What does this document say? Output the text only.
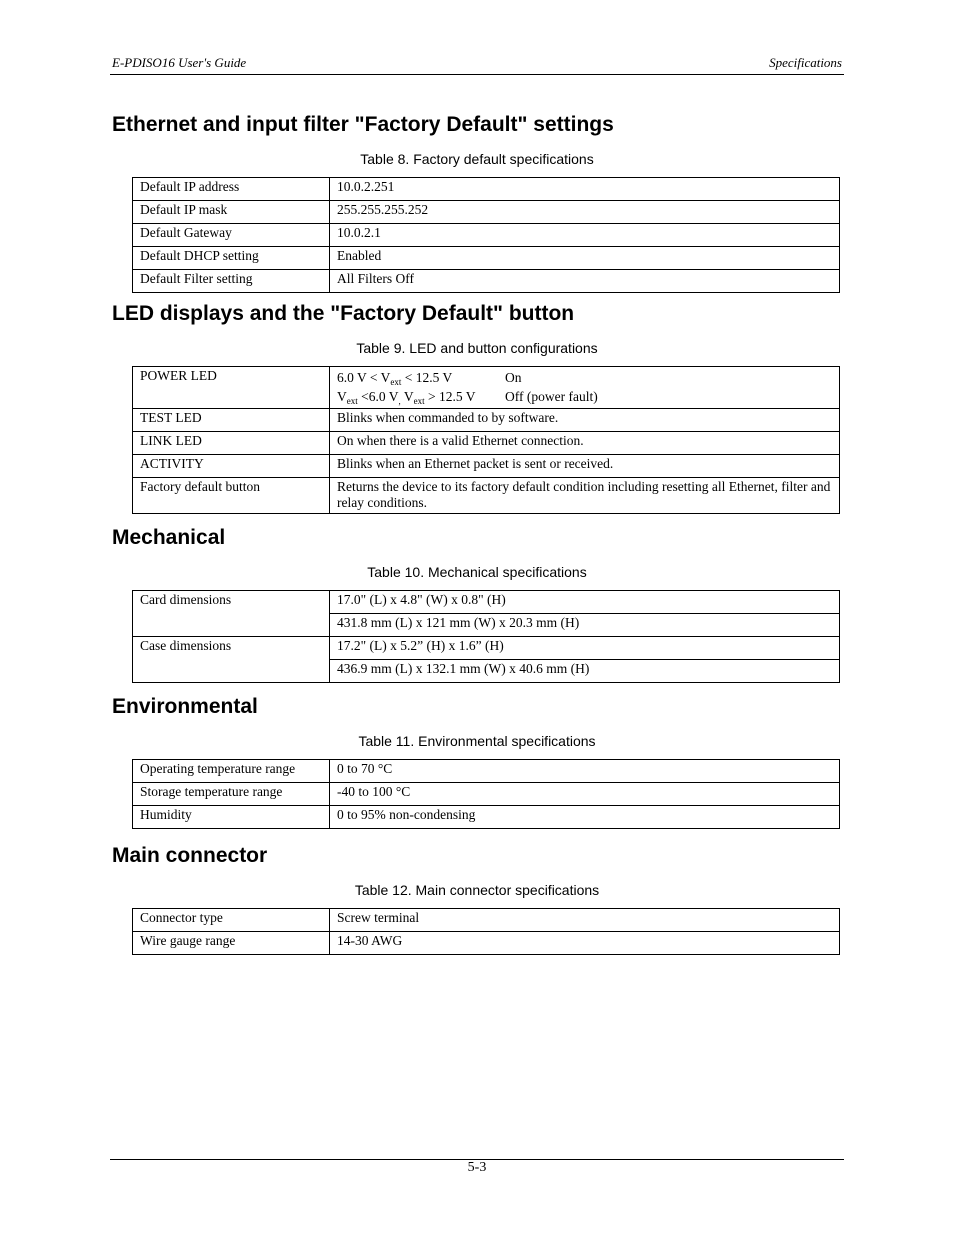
E-PDISO16 User's Guide	Specifications
Ethernet and input filter "Factory Default" settings

Table 8. Factory default specifications

Default IP address	10.0.2.251
Default IP mask	255.255.255.252
Default Gateway	10.0.2.1
Default DHCP setting	Enabled
Default Filter setting	All Filters Off
LED displays and the "Factory Default" button

Table 9. LED and button configurations

POWER LED	6.0 $V < V_{ext} < 12.5$ V On
$V_{ext} <6.0$ $V_,$ $V_{ext} > 12.5$ V Off (power fault)

TEST LED	Blinks when commanded to by software.
LINK LED	On when there is a valid Ethernet connection.
ACTIVITY	Blinks when an Ethernet packet is sent or received.
Factory default button	Returns the device to its factory default condition including resetting all Ethernet, filter and relay conditions.
Mechanical

Table 10. Mechanical specifications

Card dimensions	17.0" (L) x 4.8" (W) x 0.8" (H)
	431.8 mm (L) x 121 mm (W) x 20.3 mm (H)
Case dimensions	17.2" (L) x 5.2” (H) x 1.6” (H)
	436.9 mm (L) x 132.1 mm (W) x 40.6 mm (H)
Environmental

Table 11. Environmental specifications

Operating temperature range	0 to 70 °C
Storage temperature range	-40 to 100 °C
Humidity	0 to 95% non-condensing
Main connector

Table 12. Main connector specifications

Connector type	Screw terminal
Wire gauge range	14-30 AWG
5-3
